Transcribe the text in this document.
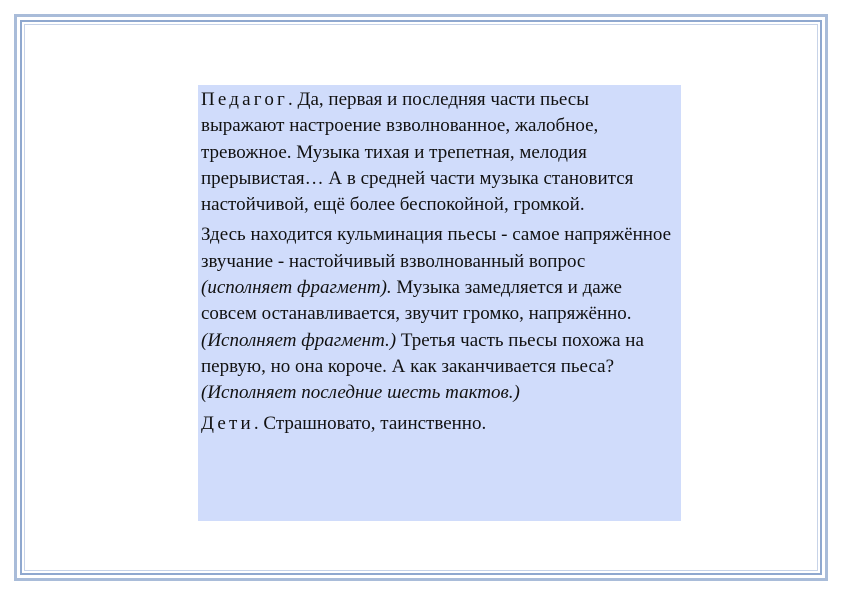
Педагог. Да, первая и последняя части пьесы выражают настроение взволнованное, жалобное, тревожное. Музыка тихая и трепетная, мелодия прерывистая… А в средней части музыка становится настойчивой, ещё более беспокойной, громкой.

Здесь находится кульминация пьесы - самое напряжённое звучание - настойчивый взволнованный вопрос (исполняет фрагмент). Музыка замедляется и даже совсем останавливается, звучит громко, напряжённо. (Исполняет фрагмент.) Третья часть пьесы похожа на первую, но она короче. А как заканчивается пьеса? (Исполняет последние шесть тактов.)

Дети. Страшновато, таинственно.
